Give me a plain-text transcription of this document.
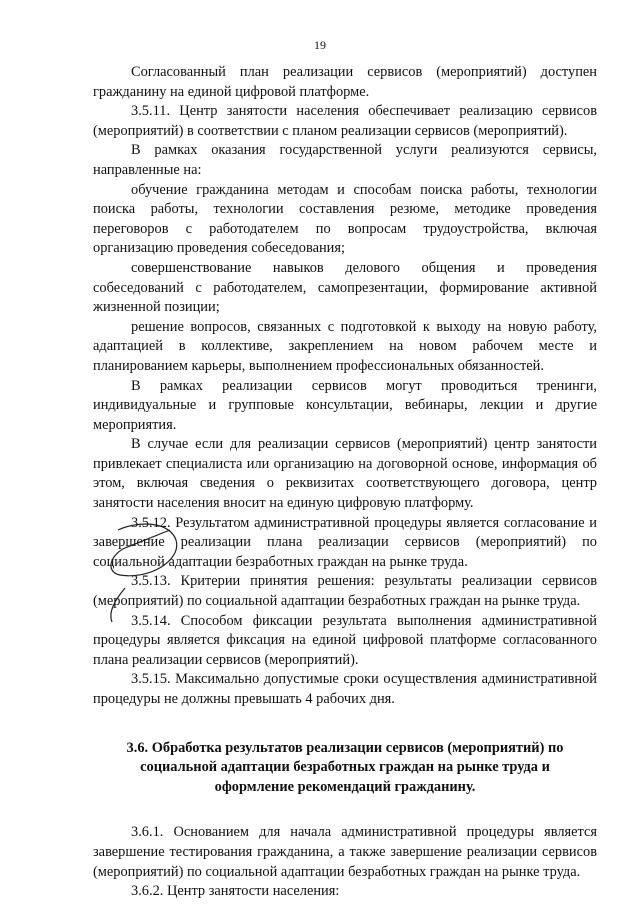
19

Согласованный план реализации сервисов (мероприятий) доступен гражданину на единой цифровой платформе.

3.5.11. Центр занятости населения обеспечивает реализацию сервисов (мероприятий) в соответствии с планом реализации сервисов (мероприятий).

В рамках оказания государственной услуги реализуются сервисы, направленные на:

обучение гражданина методам и способам поиска работы, технологии поиска работы, технологии составления резюме, методике проведения переговоров с работодателем по вопросам трудоустройства, включая организацию проведения собеседования;

совершенствование навыков делового общения и проведения собеседований с работодателем, самопрезентации, формирование активной жизненной позиции;

решение вопросов, связанных с подготовкой к выходу на новую работу, адаптацией в коллективе, закреплением на новом рабочем месте и планированием карьеры, выполнением профессиональных обязанностей.

В рамках реализации сервисов могут проводиться тренинги, индивидуальные и групповые консультации, вебинары, лекции и другие мероприятия.

В случае если для реализации сервисов (мероприятий) центр занятости привлекает специалиста или организацию на договорной основе, информация об этом, включая сведения о реквизитах соответствующего договора, центр занятости населения вносит на единую цифровую платформу.

3.5.12. Результатом административной процедуры является согласование и завершение реализации плана реализации сервисов (мероприятий) по социальной адаптации безработных граждан на рынке труда.

3.5.13. Критерии принятия решения: результаты реализации сервисов (мероприятий) по социальной адаптации безработных граждан на рынке труда.

3.5.14. Способом фиксации результата выполнения административной процедуры является фиксация на единой цифровой платформе согласованного плана реализации сервисов (мероприятий).

3.5.15. Максимально допустимые сроки осуществления административной процедуры не должны превышать 4 рабочих дня.

3.6. Обработка результатов реализации сервисов (мероприятий) по
социальной адаптации безработных граждан на рынке труда и
оформление рекомендаций гражданину.

3.6.1. Основанием для начала административной процедуры является завершение тестирования гражданина, а также завершение реализации сервисов (мероприятий) по социальной адаптации безработных граждан на рынке труда.

3.6.2. Центр занятости населения:
